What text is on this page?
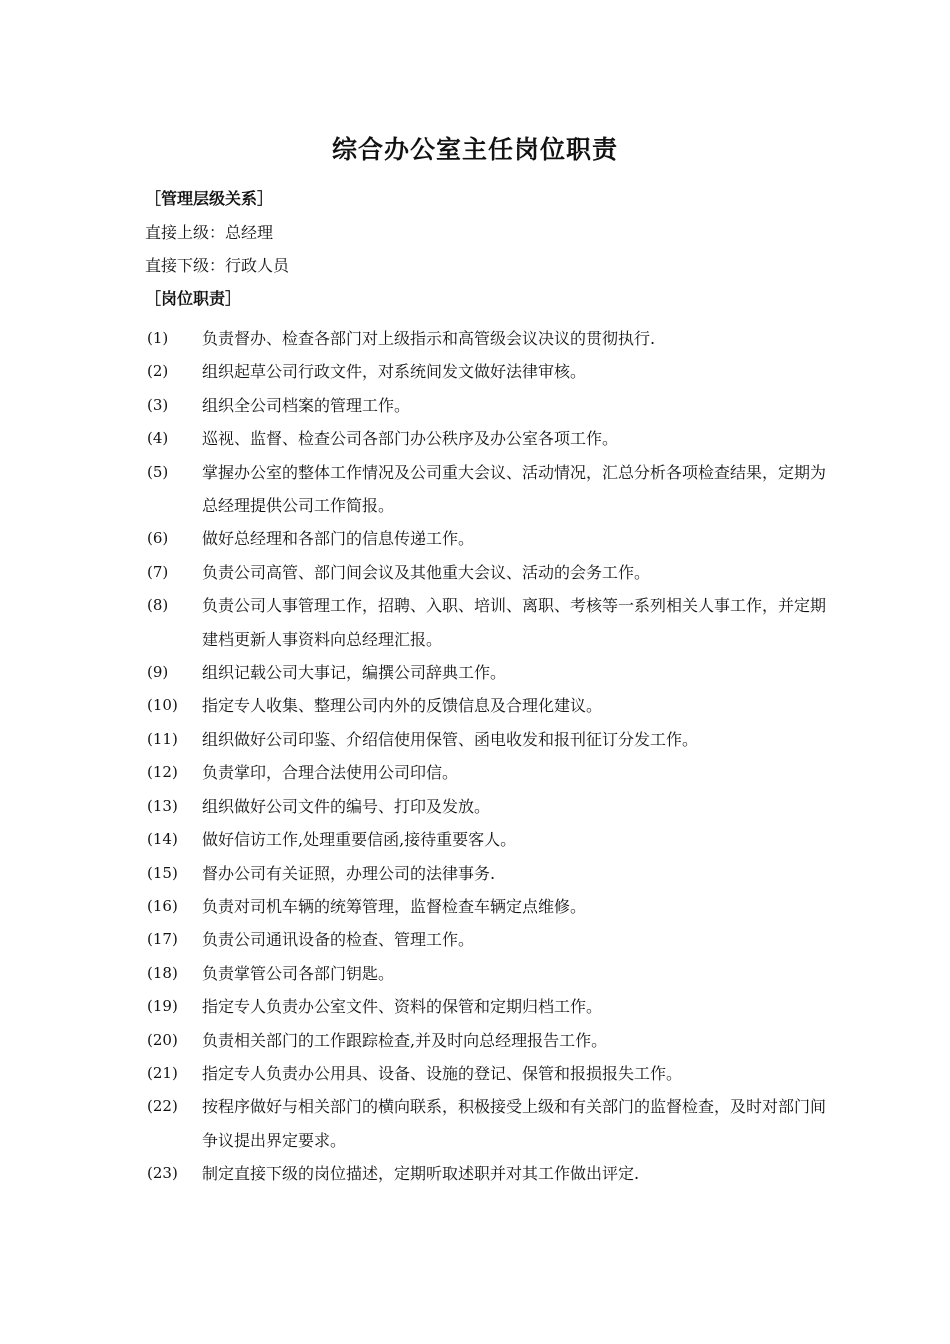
综合办公室主任岗位职责
［管理层级关系］
直接上级：总经理
直接下级：行政人员
［岗位职责］
(1)	负责督办、检查各部门对上级指示和高管级会议决议的贯彻执行.
(2)	组织起草公司行政文件，对系统间发文做好法律审核。
(3)	组织全公司档案的管理工作。
(4)	巡视、监督、检查公司各部门办公秩序及办公室各项工作。
(5)	掌握办公室的整体工作情况及公司重大会议、活动情况，汇总分析各项检查结果，定期为总经理提供公司工作简报。
(6)	做好总经理和各部门的信息传递工作。
(7)	负责公司高管、部门间会议及其他重大会议、活动的会务工作。
(8)	负责公司人事管理工作，招聘、入职、培训、离职、考核等一系列相关人事工作，并定期建档更新人事资料向总经理汇报。
(9)	组织记载公司大事记，编撰公司辞典工作。
(10)	指定专人收集、整理公司内外的反馈信息及合理化建议。
(11)	组织做好公司印鉴、介绍信使用保管、函电收发和报刊征订分发工作。
(12)	负责掌印，合理合法使用公司印信。
(13)	组织做好公司文件的编号、打印及发放。
(14)	做好信访工作,处理重要信函,接待重要客人。
(15)	督办公司有关证照，办理公司的法律事务.
(16)	负责对司机车辆的统筹管理，监督检查车辆定点维修。
(17)	负责公司通讯设备的检查、管理工作。
(18)	负责掌管公司各部门钥匙。
(19)	指定专人负责办公室文件、资料的保管和定期归档工作。
(20)	负责相关部门的工作跟踪检查,并及时向总经理报告工作。
(21)	指定专人负责办公用具、设备、设施的登记、保管和报损报失工作。
(22)	按程序做好与相关部门的横向联系，积极接受上级和有关部门的监督检查，及时对部门间争议提出界定要求。
(23)	制定直接下级的岗位描述，定期听取述职并对其工作做出评定.
